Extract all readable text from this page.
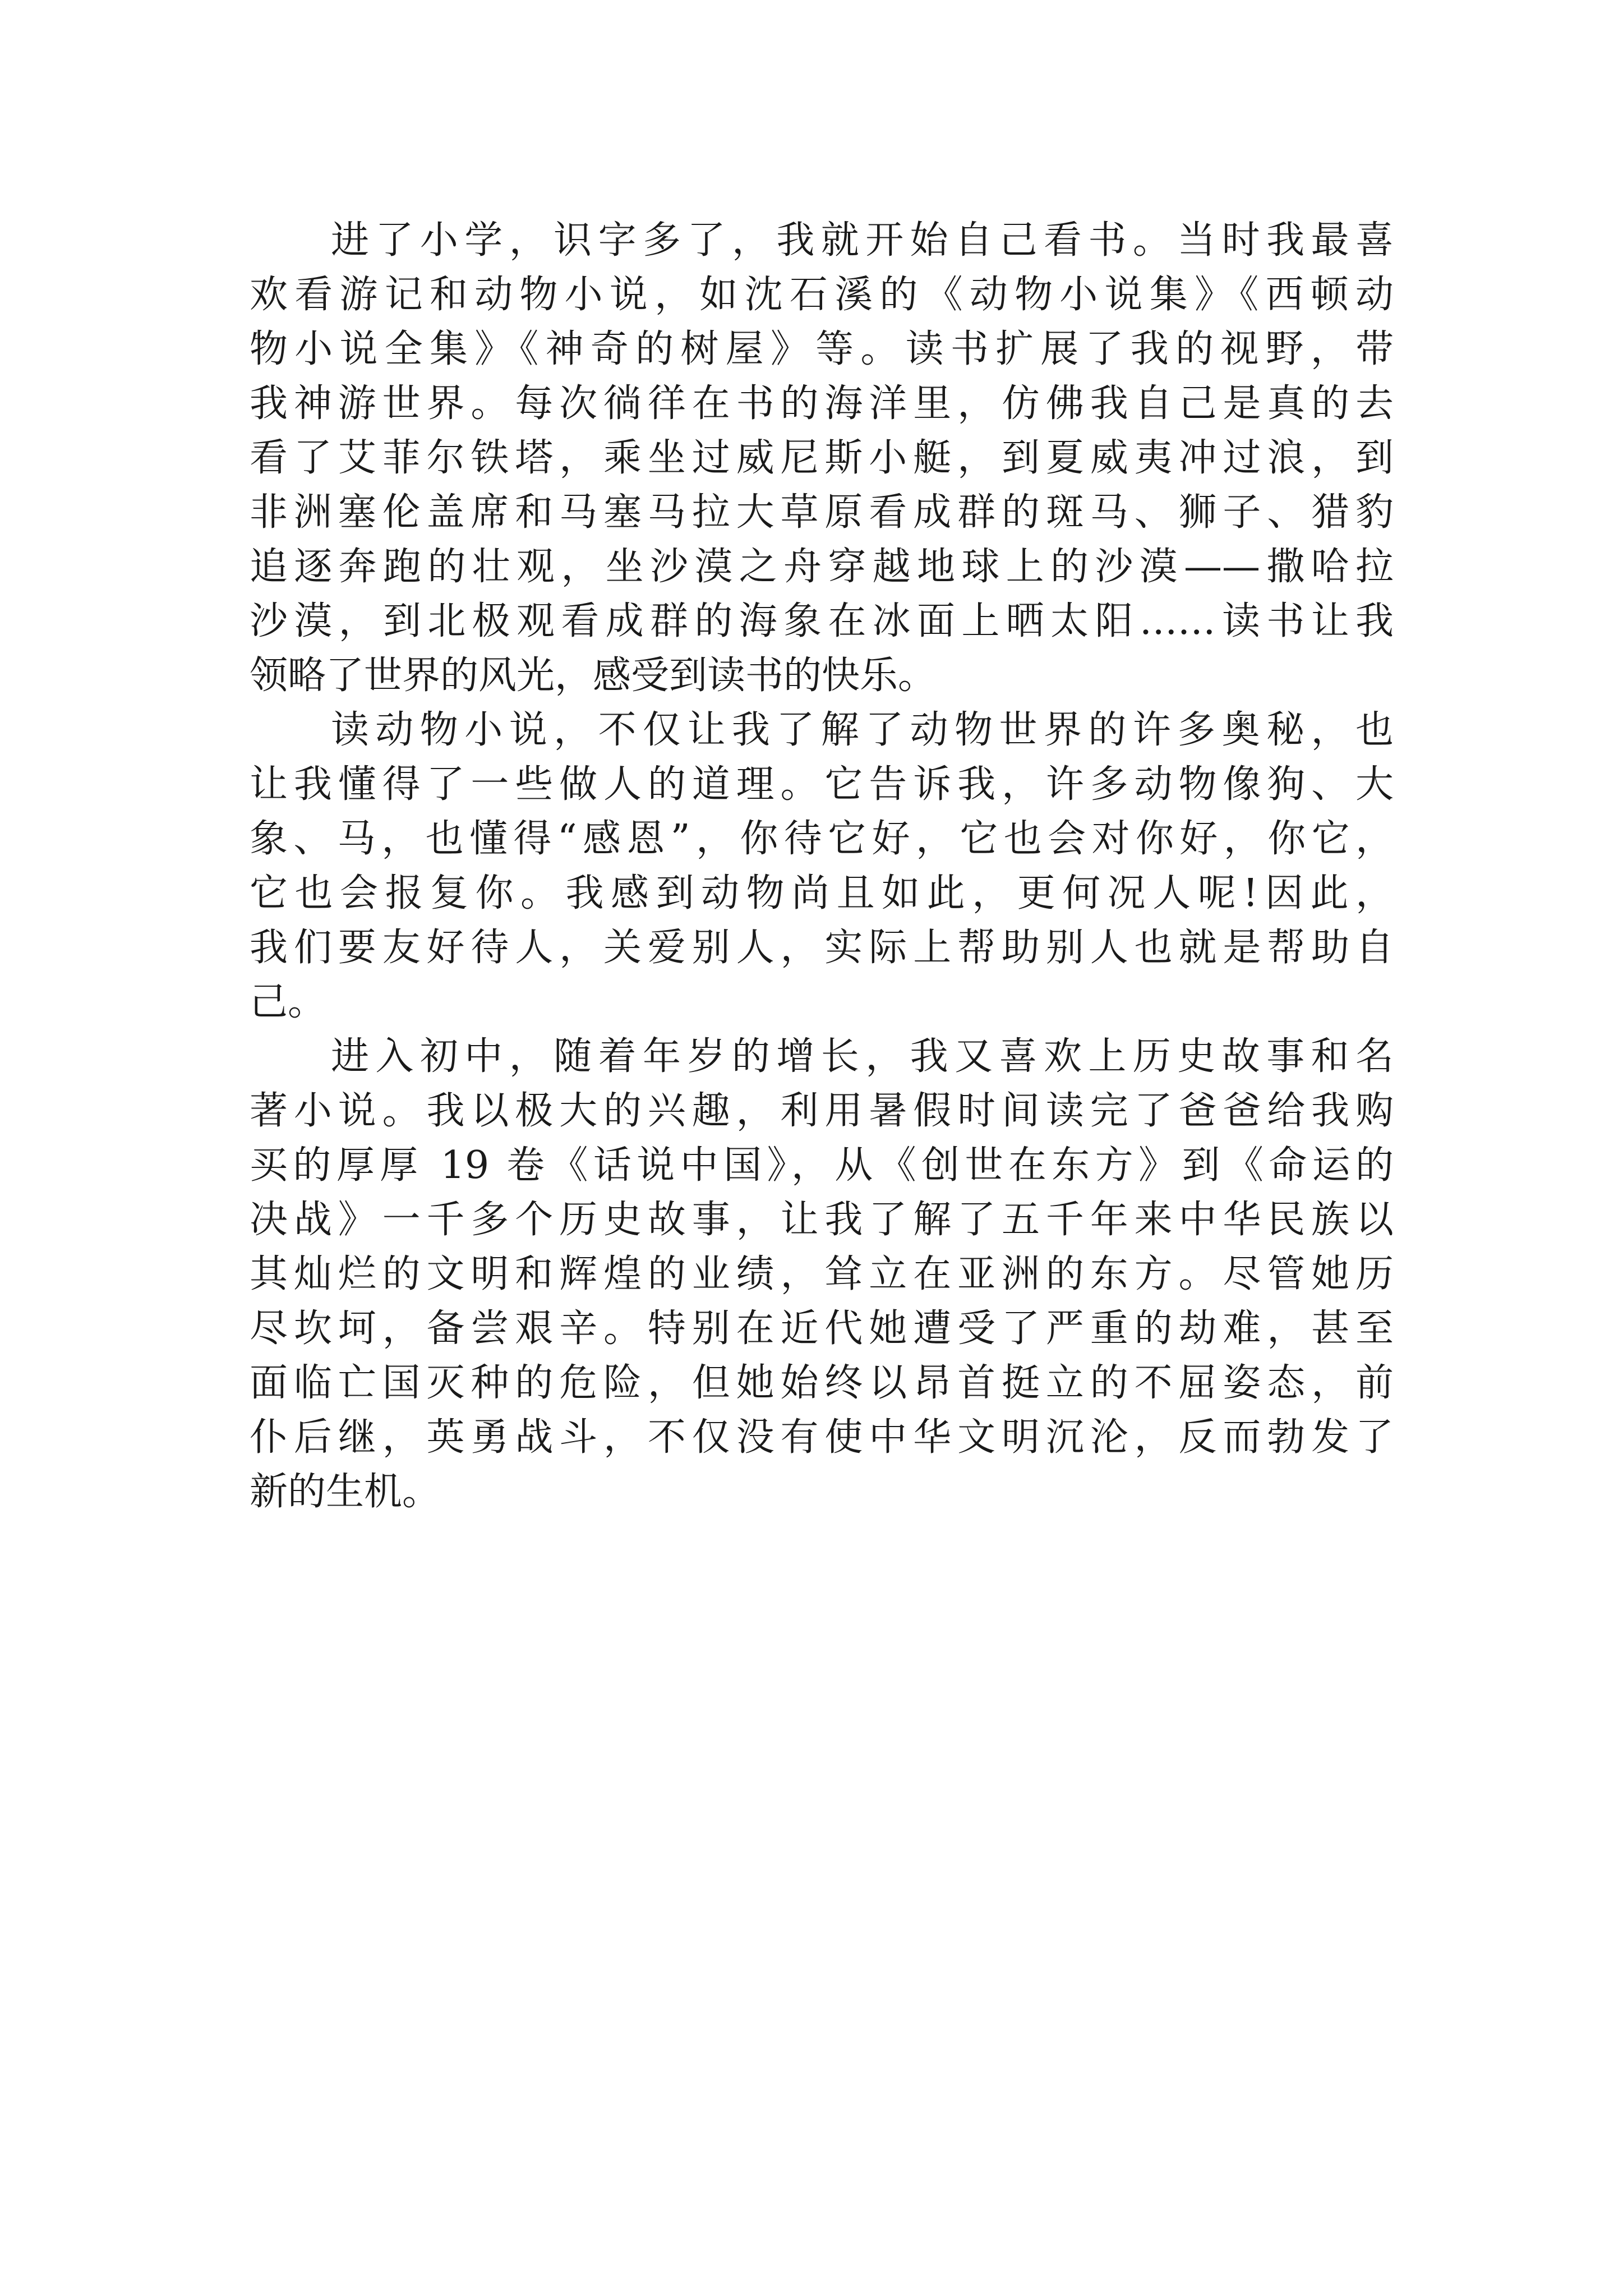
进了小学，识字多了，我就开始自己看书。当时我最喜
欢看游记和动物小说，如沈石溪的《动物小说集》《西顿动
物小说全集》《神奇的树屋》等。读书扩展了我的视野，带
我神游世界。每次徜徉在书的海洋里，仿佛我自己是真的去
看了艾菲尔铁塔，乘坐过威尼斯小艇，到夏威夷冲过浪，到
非洲塞伦盖席和马塞马拉大草原看成群的斑马、狮子、猎豹
追逐奔跑的壮观，坐沙漠之舟穿越地球上的沙漠——撒哈拉
沙漠，到北极观看成群的海象在冰面上晒太阳……读书让我
领略了世界的风光，感受到读书的快乐。
读动物小说，不仅让我了解了动物世界的许多奥秘，也
让我懂得了一些做人的道理。它告诉我，许多动物像狗、大
象、马，也懂得“感恩”，你待它好，它也会对你好，你它，
它也会报复你。我感到动物尚且如此，更何况人呢!因此，
我们要友好待人，关爱别人，实际上帮助别人也就是帮助自
己。
进入初中，随着年岁的增长，我又喜欢上历史故事和名
著小说。我以极大的兴趣，利用暑假时间读完了爸爸给我购
买的厚厚 19 卷《话说中国》，从《创世在东方》到《命运的
决战》一千多个历史故事，让我了解了五千年来中华民族以
其灿烂的文明和辉煌的业绩，耸立在亚洲的东方。尽管她历
尽坎坷，备尝艰辛。特别在近代她遭受了严重的劫难，甚至
面临亡国灭种的危险，但她始终以昂首挺立的不屈姿态，前
仆后继，英勇战斗，不仅没有使中华文明沉沦，反而勃发了
新的生机。
